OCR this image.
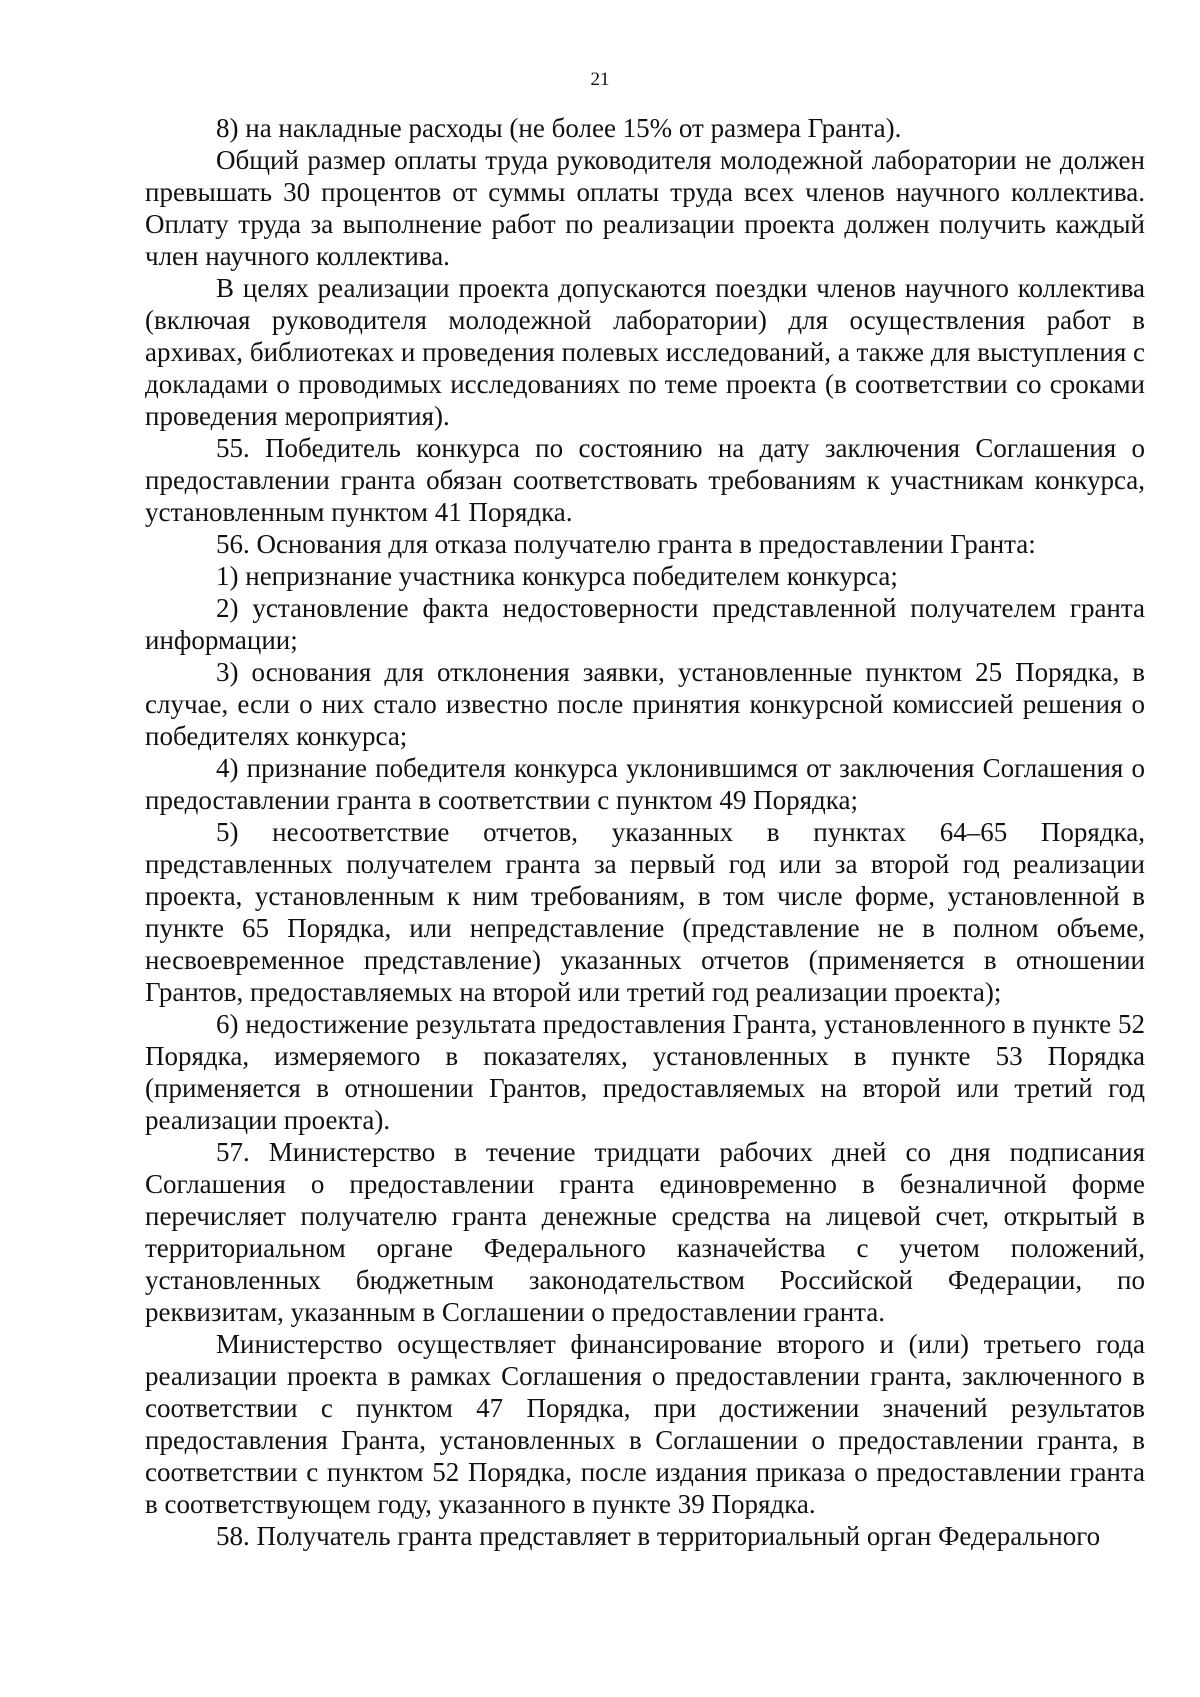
21

8) на накладные расходы (не более 15% от размера Гранта).

Общий размер оплаты труда руководителя молодежной лаборатории не должен превышать 30 процентов от суммы оплаты труда всех членов научного коллектива. Оплату труда за выполнение работ по реализации проекта должен получить каждый член научного коллектива.

В целях реализации проекта допускаются поездки членов научного коллектива (включая руководителя молодежной лаборатории) для осуществления работ в архивах, библиотеках и проведения полевых исследований, а также для выступления с докладами о проводимых исследованиях по теме проекта (в соответствии со сроками проведения мероприятия).

55. Победитель конкурса по состоянию на дату заключения Соглашения о предоставлении гранта обязан соответствовать требованиям к участникам конкурса, установленным пунктом 41 Порядка.

56. Основания для отказа получателю гранта в предоставлении Гранта:

1) непризнание участника конкурса победителем конкурса;

2) установление факта недостоверности представленной получателем гранта информации;

3) основания для отклонения заявки, установленные пунктом 25 Порядка, в случае, если о них стало известно после принятия конкурсной комиссией решения о победителях конкурса;

4) признание победителя конкурса уклонившимся от заключения Соглашения о предоставлении гранта в соответствии с пунктом 49 Порядка;

5) несоответствие отчетов, указанных в пунктах 64–65 Порядка, представленных получателем гранта за первый год или за второй год реализации проекта, установленным к ним требованиям, в том числе форме, установленной в пункте 65 Порядка, или непредставление (представление не в полном объеме, несвоевременное представление) указанных отчетов (применяется в отношении Грантов, предоставляемых на второй или третий год реализации проекта);

6) недостижение результата предоставления Гранта, установленного в пункте 52 Порядка, измеряемого в показателях, установленных в пункте 53 Порядка (применяется в отношении Грантов, предоставляемых на второй или третий год реализации проекта).

57. Министерство в течение тридцати рабочих дней со дня подписания Соглашения о предоставлении гранта единовременно в безналичной форме перечисляет получателю гранта денежные средства на лицевой счет, открытый в территориальном органе Федерального казначейства с учетом положений, установленных бюджетным законодательством Российской Федерации, по реквизитам, указанным в Соглашении о предоставлении гранта.

Министерство осуществляет финансирование второго и (или) третьего года реализации проекта в рамках Соглашения о предоставлении гранта, заключенного в соответствии с пунктом 47 Порядка, при достижении значений результатов предоставления Гранта, установленных в Соглашении о предоставлении гранта, в соответствии с пунктом 52 Порядка, после издания приказа о предоставлении гранта в соответствующем году, указанного в пункте 39 Порядка.

58. Получатель гранта представляет в территориальный орган Федерального
